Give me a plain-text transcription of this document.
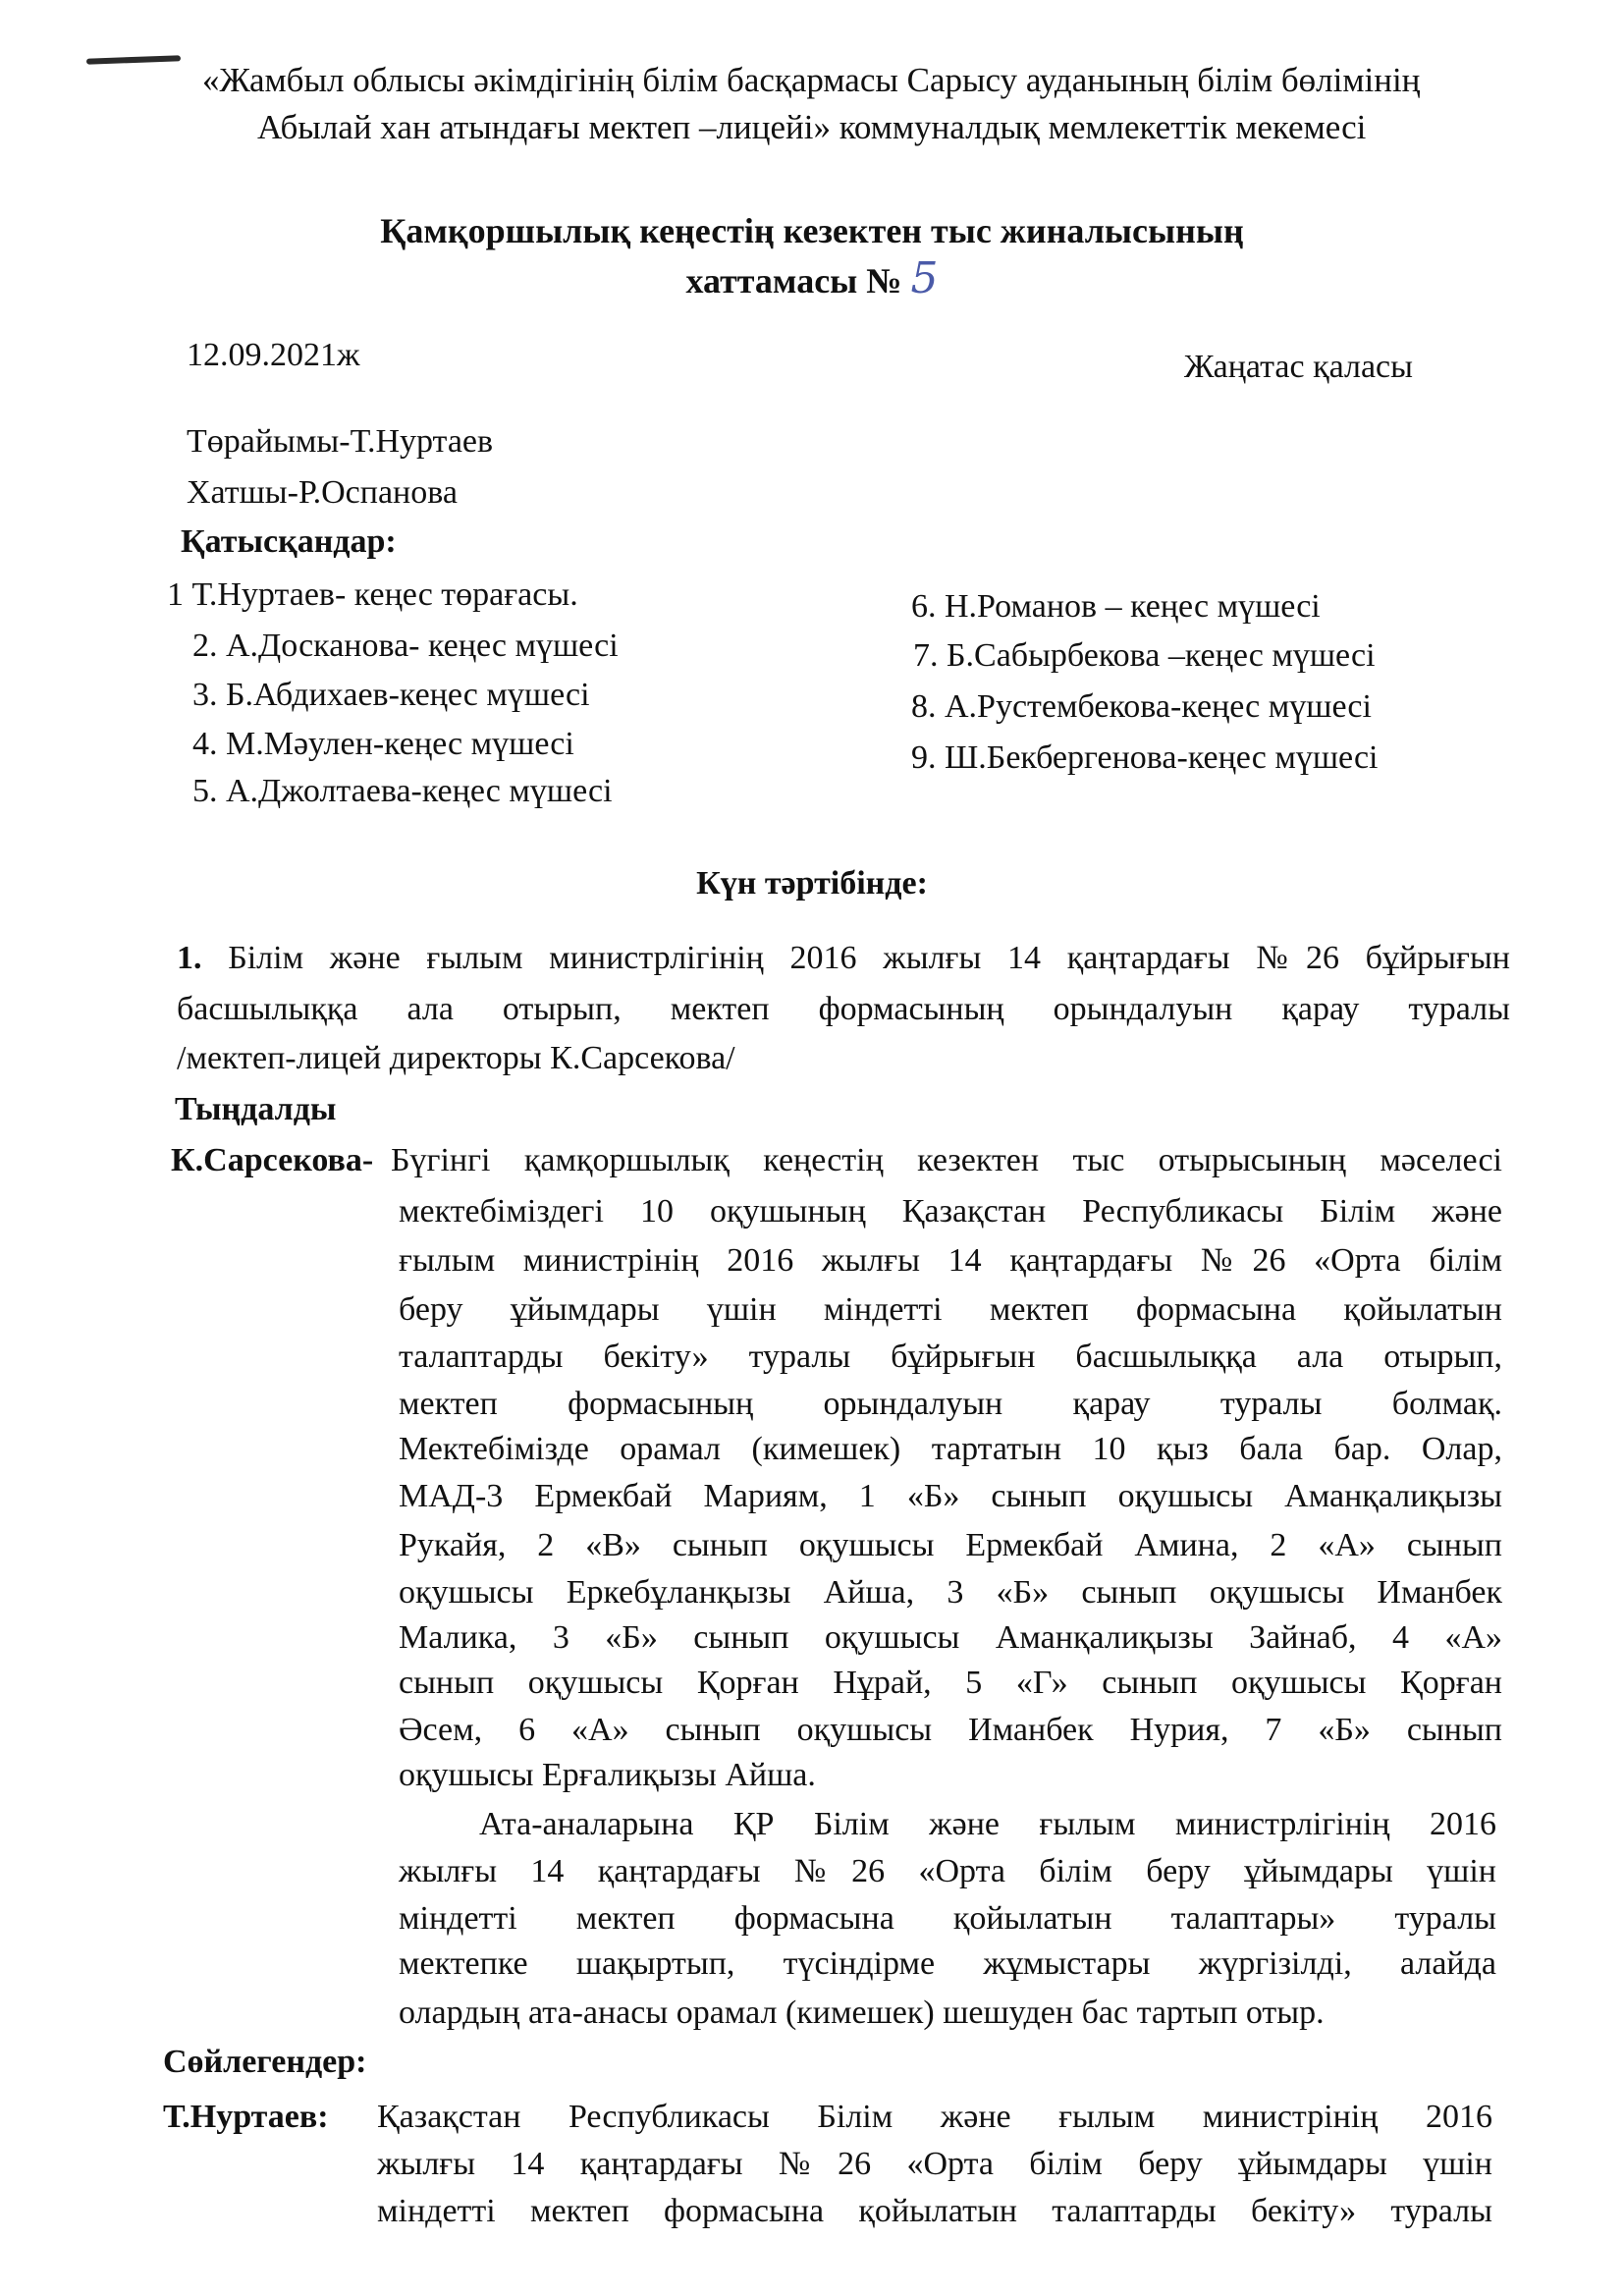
«Жамбыл облысы әкімдігінің білім басқармасы Сарысу ауданының білім бөлімінің
Абылай хан атындағы мектеп –лицейі» коммуналдық мемлекеттік мекемесі
Қамқоршылық кеңестің кезектен тыс жиналысының
хаттамасы № 5
12.09.2021ж	Жаңатас қаласы
Төрайымы-Т.Нуртаев
Хатшы-Р.Оспанова
Қатысқандар:
1 Т.Нуртаев- кеңес төрағасы.
2. А.Досканова- кеңес мүшесі
3. Б.Абдихаев-кеңес мүшесі
4. М.Мәулен-кеңес мүшесі
5. А.Джолтаева-кеңес мүшесі
6. Н.Романов – кеңес мүшесі
7. Б.Сабырбекова –кеңес мүшесі
8. А.Рустембекова-кеңес мүшесі
9. Ш.Бекбергенова-кеңес мүшесі
Күн тәртібінде:
1. Білім және ғылым министрлігінің 2016 жылғы 14 қаңтардағы №26 бұйрығын
басшылыққа ала отырып, мектеп формасының орындалуын қарау туралы
/мектеп-лицей директоры К.Сарсекова/
Тыңдалды
К.Сарсекова- Бүгінгі қамқоршылық кеңестің кезектен тыс отырысының мәселесі
мектебіміздегі 10 оқушының Қазақстан Республикасы Білім және
ғылым министрінің 2016 жылғы 14 қаңтардағы №26 «Орта білім
беру ұйымдары үшін міндетті мектеп формасына қойылатын
талаптарды бекіту» туралы бұйрығын басшылыққа ала отырып,
мектеп формасының орындалуын қарау туралы болмақ.
Мектебімізде орамал (кимешек) тартатын 10 қыз бала бар. Олар,
МАД-3 Ермекбай Мариям, 1 «Б» сынып оқушысы Аманқалиқызы
Рукайя, 2 «В» сынып оқушысы Ермекбай Амина, 2 «А» сынып
оқушысы Еркебұланқызы Айша, 3 «Б» сынып оқушысы Иманбек
Малика, 3 «Б» сынып оқушысы Аманқалиқызы Зайнаб, 4 «А»
сынып оқушысы Қорған Нұрай, 5 «Г» сынып оқушысы Қорған
Әсем, 6 «А» сынып оқушысы Иманбек Нурия, 7 «Б» сынып
оқушысы Ерғалиқызы Айша.
Ата-аналарына ҚР Білім және ғылым министрлігінің 2016
жылғы 14 қаңтардағы №26 «Орта білім беру ұйымдары үшін
міндетті мектеп формасына қойылатын талаптары» туралы
мектепке шақыртып, түсіндірме жұмыстары жүргізілді, алайда
олардың ата-анасы орамал (кимешек) шешуден бас тартып отыр.
Сөйлегендер:
Т.Нуртаев: Қазақстан Республикасы Білім және ғылым министрінің 2016
жылғы 14 қаңтардағы №26 «Орта білім беру ұйымдары үшін
міндетті мектеп формасына қойылатын талаптарды бекіту» туралы
